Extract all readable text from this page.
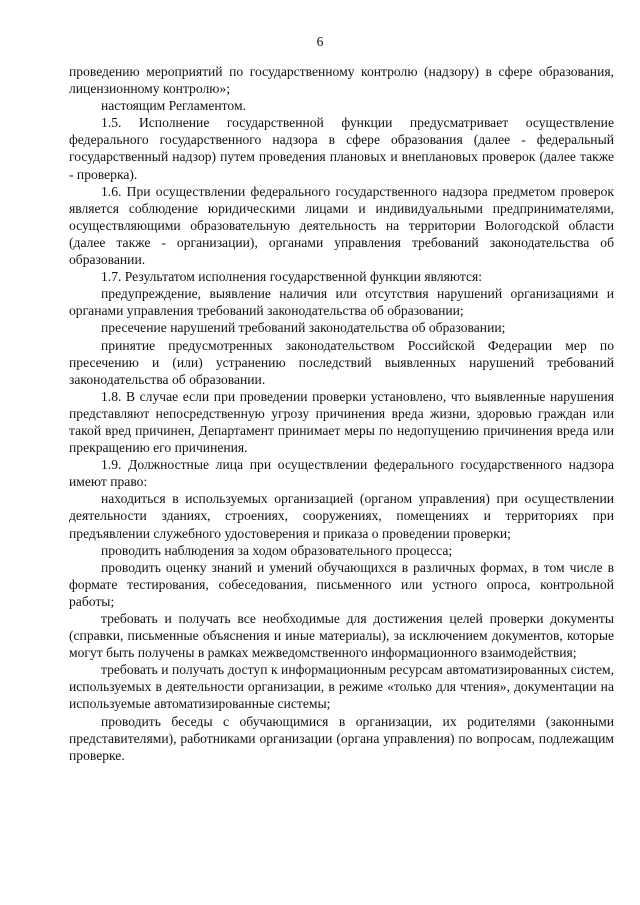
6

проведению мероприятий по государственному контролю (надзору) в сфере образования, лицензионному контролю»;

настоящим Регламентом.

1.5. Исполнение государственной функции предусматривает осуществление федерального государственного надзора в сфере образования (далее - федеральный государственный надзор) путем проведения плановых и внеплановых проверок (далее также - проверка).

1.6. При осуществлении федерального государственного надзора предметом проверок является соблюдение юридическими лицами и индивидуальными предпринимателями, осуществляющими образовательную деятельность на территории Вологодской области (далее также - организации), органами управления требований законодательства об образовании.

1.7. Результатом исполнения государственной функции являются:

предупреждение, выявление наличия или отсутствия нарушений организациями и органами управления требований законодательства об образовании;

пресечение нарушений требований законодательства об образовании;

принятие предусмотренных законодательством Российской Федерации мер по пресечению и (или) устранению последствий выявленных нарушений требований законодательства об образовании.

1.8. В случае если при проведении проверки установлено, что выявленные нарушения представляют непосредственную угрозу причинения вреда жизни, здоровью граждан или такой вред причинен, Департамент принимает меры по недопущению причинения вреда или прекращению его причинения.

1.9. Должностные лица при осуществлении федерального государственного надзора имеют право:

находиться в используемых организацией (органом управления) при осуществлении деятельности зданиях, строениях, сооружениях, помещениях и территориях при предъявлении служебного удостоверения и приказа о проведении проверки;

проводить наблюдения за ходом образовательного процесса;

проводить оценку знаний и умений обучающихся в различных формах, в том числе в формате тестирования, собеседования, письменного или устного опроса, контрольной работы;

требовать и получать все необходимые для достижения целей проверки документы (справки, письменные объяснения и иные материалы), за исключением документов, которые могут быть получены в рамках межведомственного информационного взаимодействия;

требовать и получать доступ к информационным ресурсам автоматизированных систем, используемых в деятельности организации, в режиме «только для чтения», документации на используемые автоматизированные системы;

проводить беседы с обучающимися в организации, их родителями (законными представителями), работниками организации (органа управления) по вопросам, подлежащим проверке.
